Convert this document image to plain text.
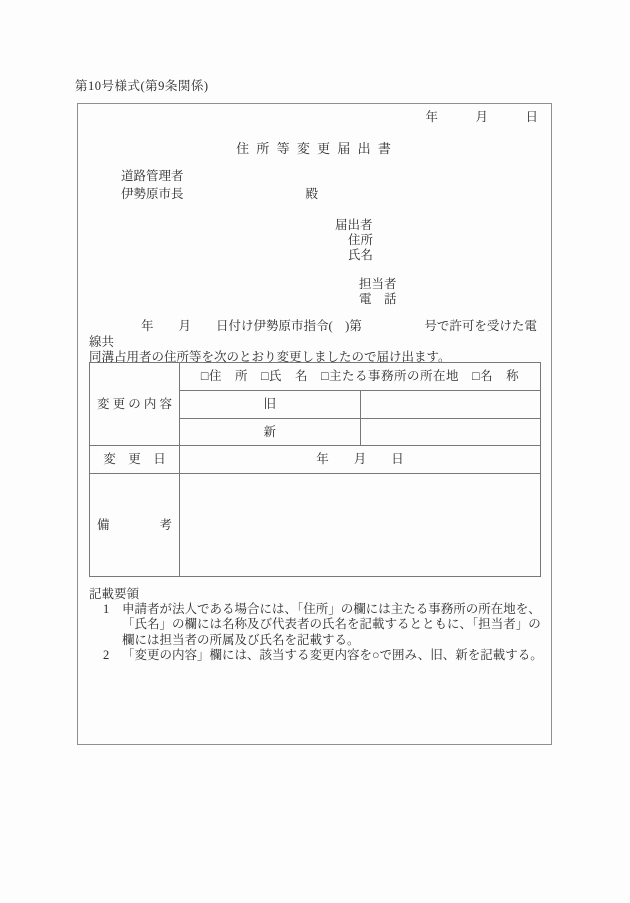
第10号様式(第9条関係)
年　　　月　　　日
住 所 等 変 更 届 出 書
道路管理者
伊勢原市長	殿
届出者
住所
氏名
担当者
電　話
年　　月　　日付け伊勢原市指令(　)第　　　　　号で許可を受けた電線共
同溝占用者の住所等を次のとおり変更しましたので届け出ます。
変 更 の 内 容	□住　所　□氏　名　□主たる事務所の所在地　□名　称	
	旧	
	新	
変　更　日	年　　月　　日	
備　　　　考		
記載要領
1	申請者が法人である場合には、「住所」の欄には主たる事務所の所在地を、「氏名」の欄には名称及び代表者の氏名を記載するとともに、「担当者」の欄には担当者の所属及び氏名を記載する。
2	「変更の内容」欄には、該当する変更内容を○で囲み、旧、新を記載する。
